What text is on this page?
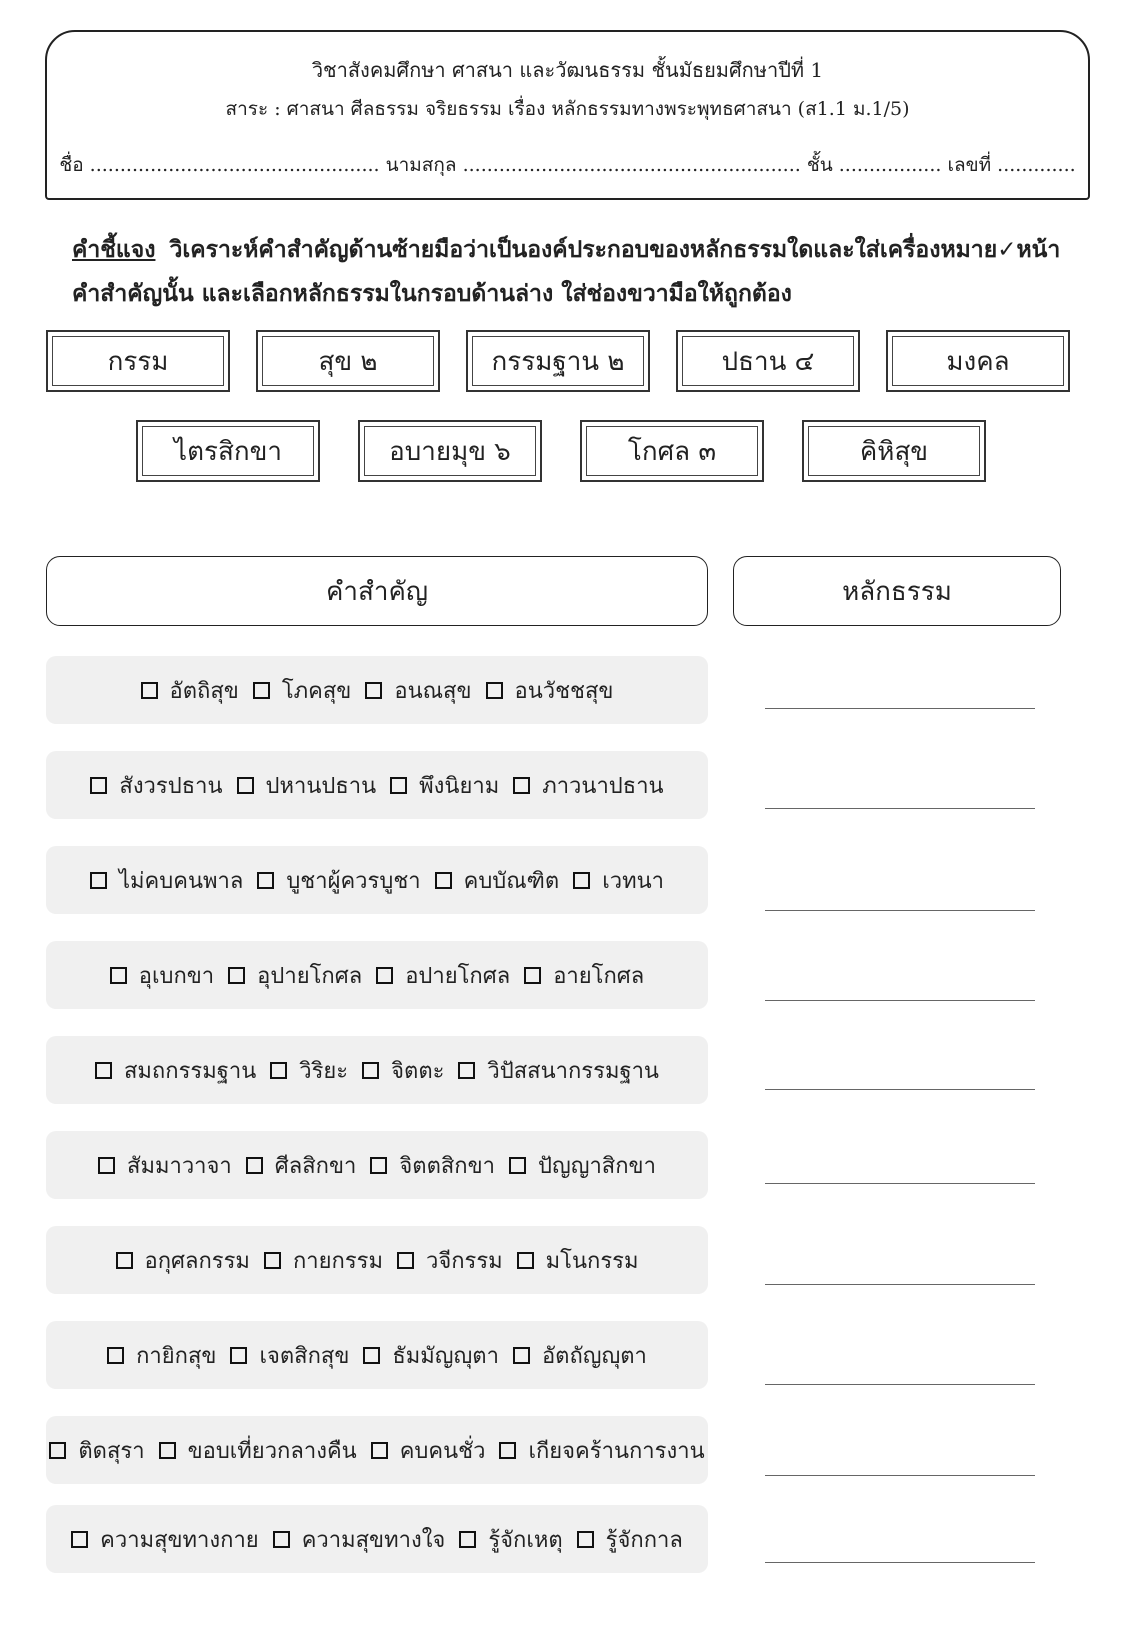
วิชาสังคมศึกษา ศาสนา และวัฒนธรรม ชั้นมัธยมศึกษาปีที่ 1
สาระ : ศาสนา ศีลธรรม จริยธรรม เรื่อง หลักธรรมทางพระพุทธศาสนา (ส1.1 ม.1/5)
ชื่อ ................................................ นามสกุล ........................................................ ชั้น ................. เลขที่ .............
คำชี้แจง วิเคราะห์คำสำคัญด้านซ้ายมือว่าเป็นองค์ประกอบของหลักธรรมใดและใส่เครื่องหมาย✓หน้าคำสำคัญนั้น และเลือกหลักธรรมในกรอบด้านล่าง ใส่ช่องขวามือให้ถูกต้อง
กรรม	สุข ๒	กรรมฐาน ๒	ปธาน ๔	มงคล
ไตรสิกขา	อบายมุข ๖	โกศล ๓	คิหิสุข
คำสำคัญ	หลักธรรม
อัตถิสุข โภคสุข อนณสุข อนวัชชสุข
สังวรปธาน ปหานปธาน พึงนิยาม ภาวนาปธาน
ไม่คบคนพาล บูชาผู้ควรบูชา คบบัณฑิต เวทนา
อุเบกขา อุปายโกศล อปายโกศล อายโกศล
สมถกรรมฐาน วิริยะ จิตตะ วิปัสสนากรรมฐาน
สัมมาวาจา ศีลสิกขา จิตตสิกขา ปัญญาสิกขา
อกุศลกรรม กายกรรม วจีกรรม มโนกรรม
กายิกสุข เจตสิกสุข ธัมมัญญุตา อัตถัญญุตา
ติดสุรา ขอบเที่ยวกลางคืน คบคนชั่ว เกียจคร้านการงาน
ความสุขทางกาย ความสุขทางใจ รู้จักเหตุ รู้จักกาล
